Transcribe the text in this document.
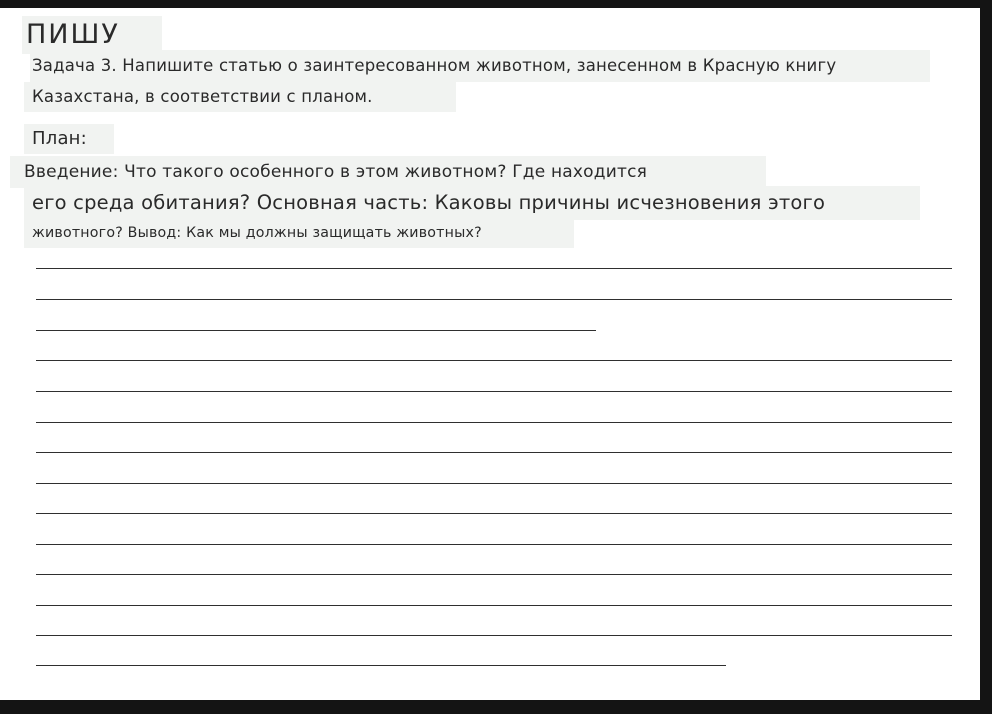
ПИШУ
Задача 3. Напишите статью о заинтересованном животном, занесенном в Красную книгу
Казахстана, в соответствии с планом.
План:
Введение: Что такого особенного в этом животном? Где находится
его среда обитания? Основная часть: Каковы причины исчезновения этого
животного? Вывод: Как мы должны защищать животных?
